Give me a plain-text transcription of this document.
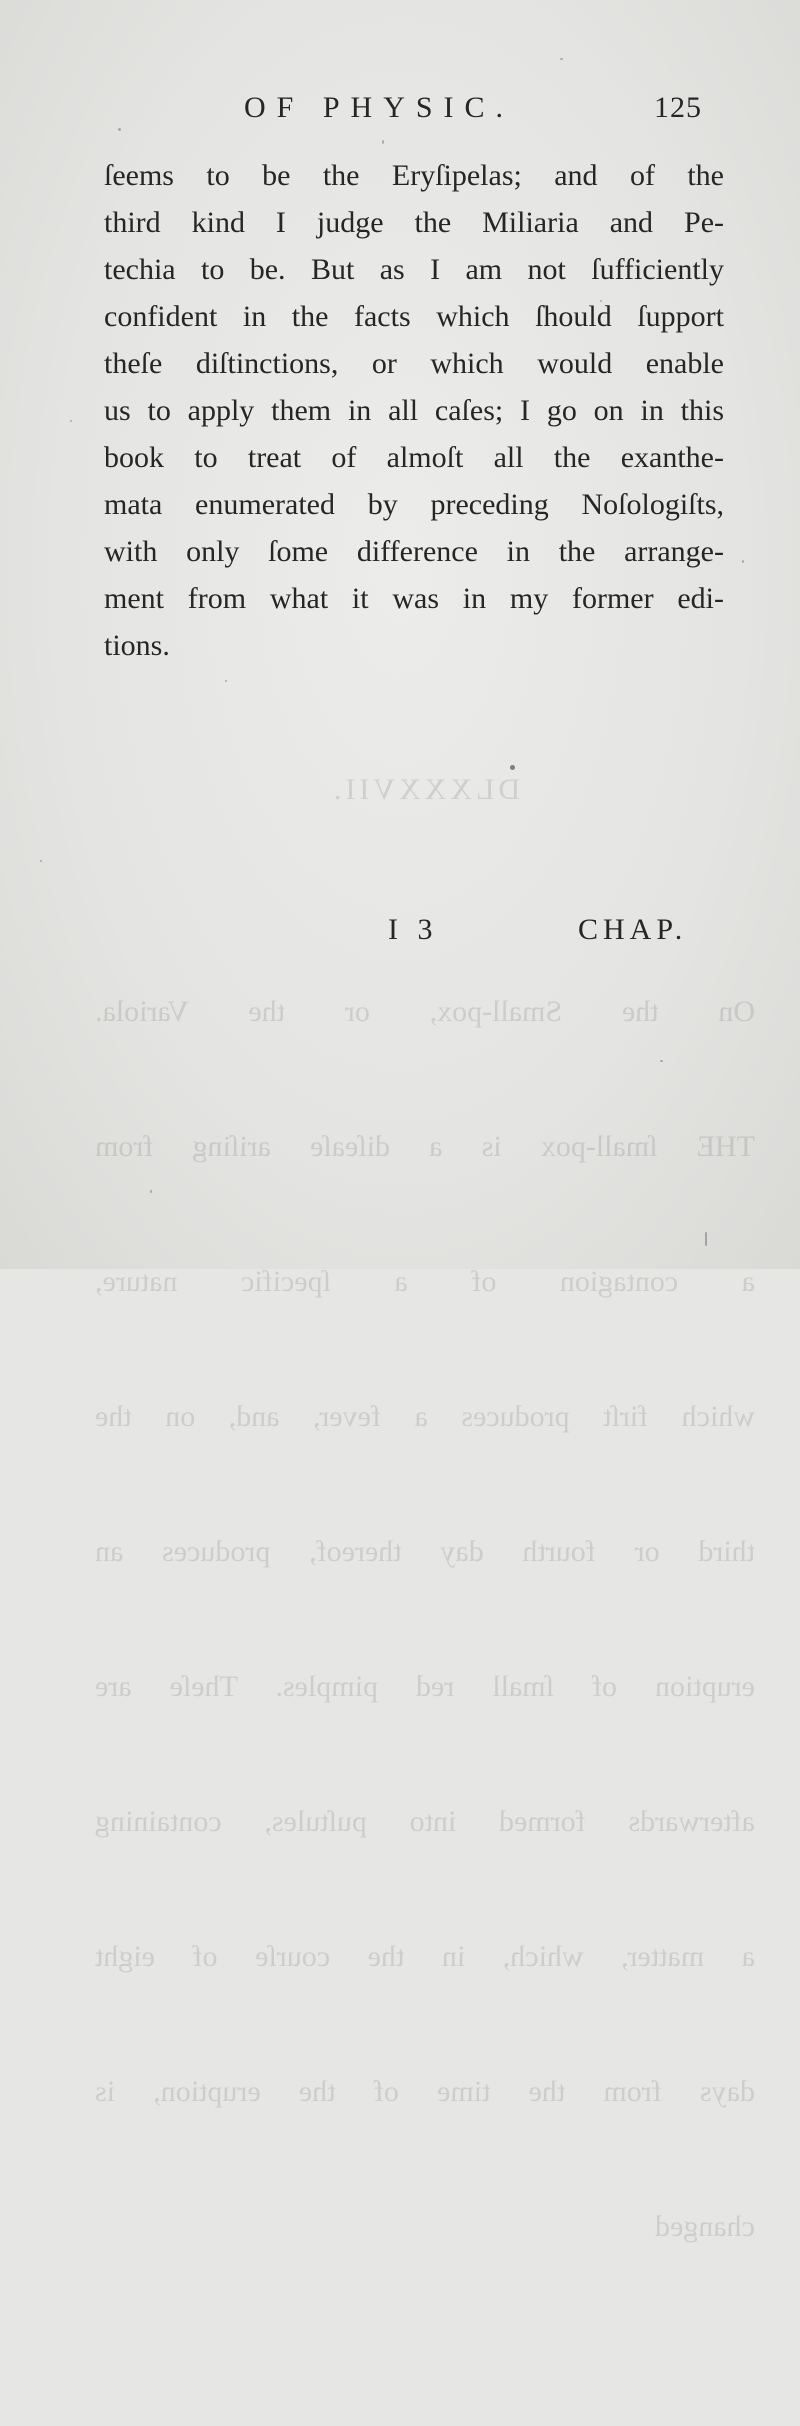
DLXXXVII.

On the Small-pox, or the Variola.

THE ſmall-pox is a diſeaſe ariſing from

a contagion of a ſpecific nature,

which firſt produces a fever, and, on the

third or fourth day thereof, produces an

eruption of ſmall red pimples. Theſe are

afterwards formed into puſtules, containing

a matter, which, in the courſe of eight

days from the time of the eruption, is

changed

OF PHYSIC.	125
ſeems to be the Eryſipelas; and of the
third kind I judge the Miliaria and Pe-
techia to be. But as I am not ſufficiently
confident in the facts which ſhould ſupport
theſe diſtinctions, or which would enable
us to apply them in all caſes; I go on in this
book to treat of almoſt all the exanthe-
mata enumerated by preceding Noſologiſts,
with only ſome difference in the arrange-
ment from what it was in my former edi-
tions.
I 3	CHAP.
